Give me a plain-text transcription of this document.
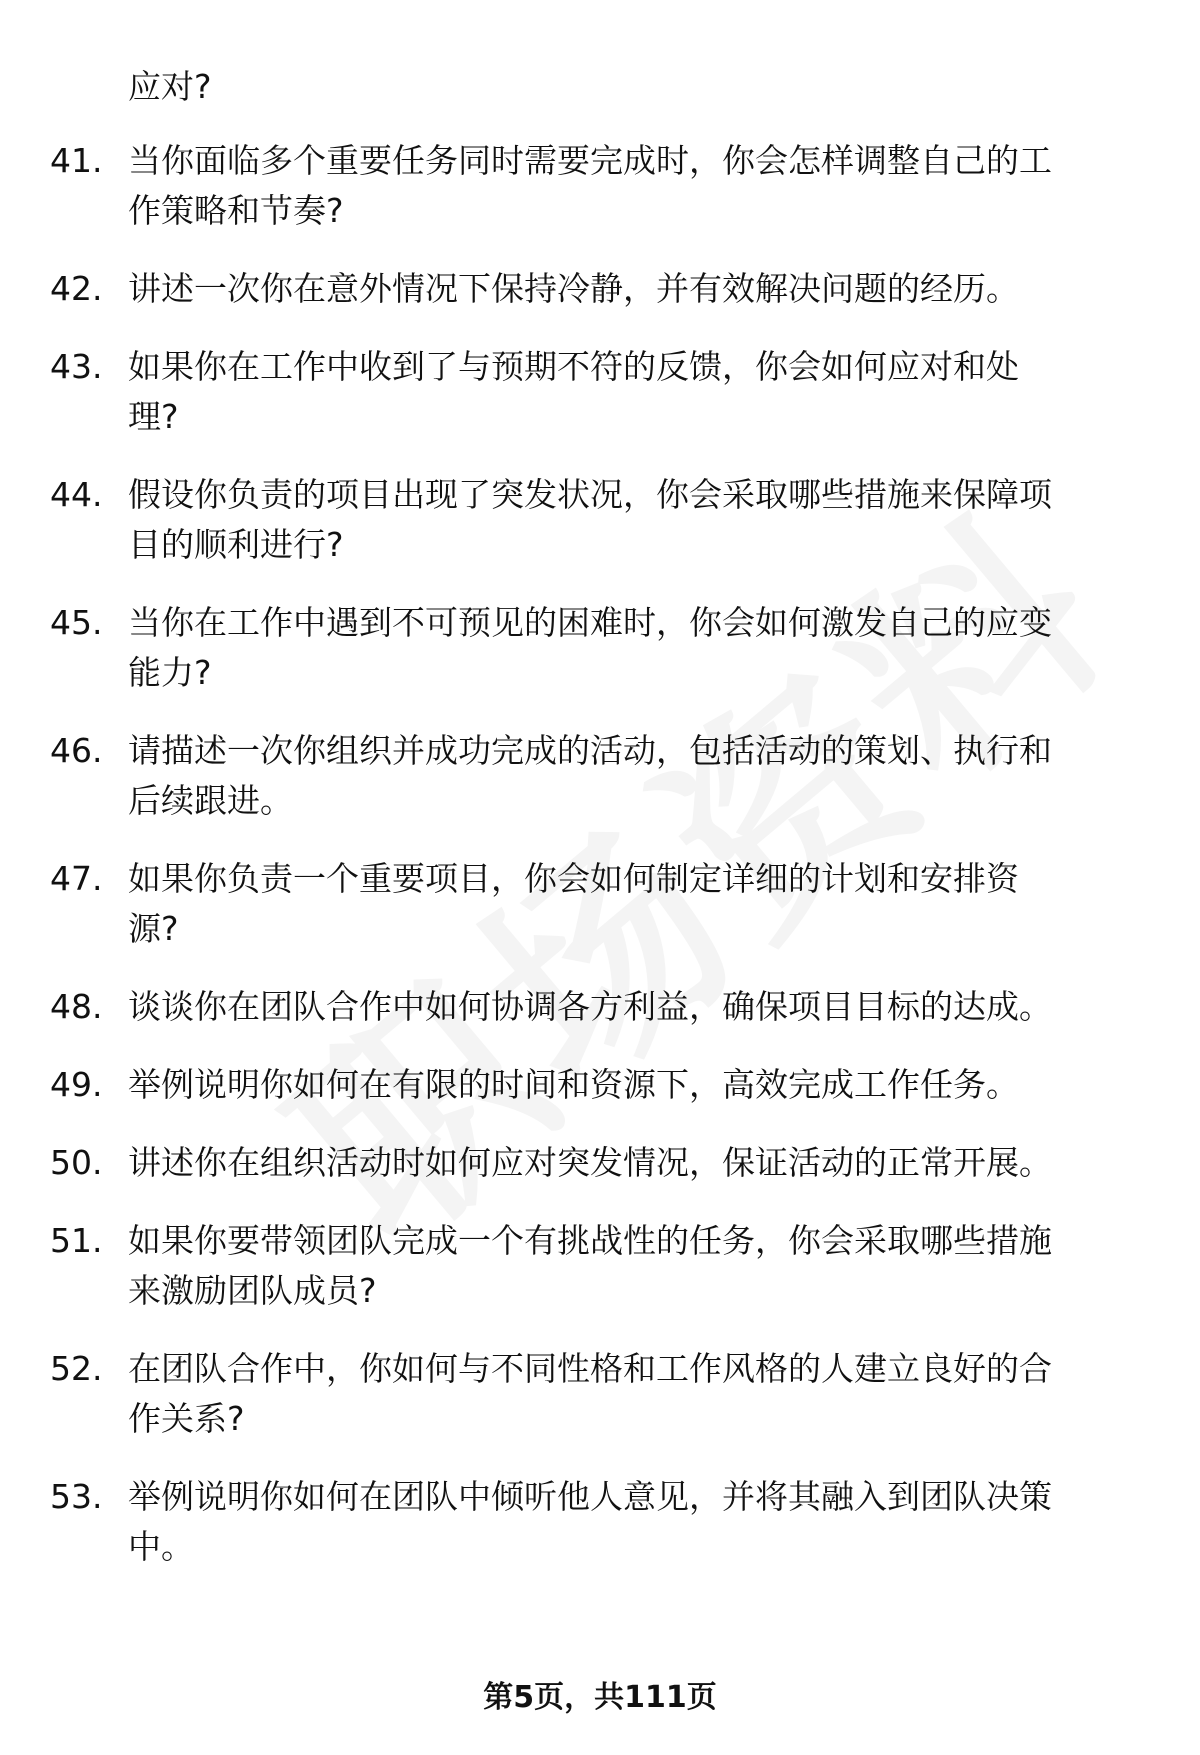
应对?
41. 当你面临多个重要任务同时需要完成时，你会怎样调整自己的工
作策略和节奏?
42. 讲述一次你在意外情况下保持冷静，并有效解决问题的经历。
43. 如果你在工作中收到了与预期不符的反馈，你会如何应对和处
理?
44. 假设你负责的项目出现了突发状况，你会采取哪些措施来保障项
目的顺利进行?
45. 当你在工作中遇到不可预见的困难时，你会如何激发自己的应变
能力?
46. 请描述一次你组织并成功完成的活动，包括活动的策划、执行和
后续跟进。
47. 如果你负责一个重要项目，你会如何制定详细的计划和安排资
源?
48. 谈谈你在团队合作中如何协调各方利益，确保项目目标的达成。
49. 举例说明你如何在有限的时间和资源下，高效完成工作任务。
50. 讲述你在组织活动时如何应对突发情况，保证活动的正常开展。
51. 如果你要带领团队完成一个有挑战性的任务，你会采取哪些措施
来激励团队成员?
52. 在团队合作中，你如何与不同性格和工作风格的人建立良好的合
作关系?
53. 举例说明你如何在团队中倾听他人意见，并将其融入到团队决策
中。
第5页，共111页
